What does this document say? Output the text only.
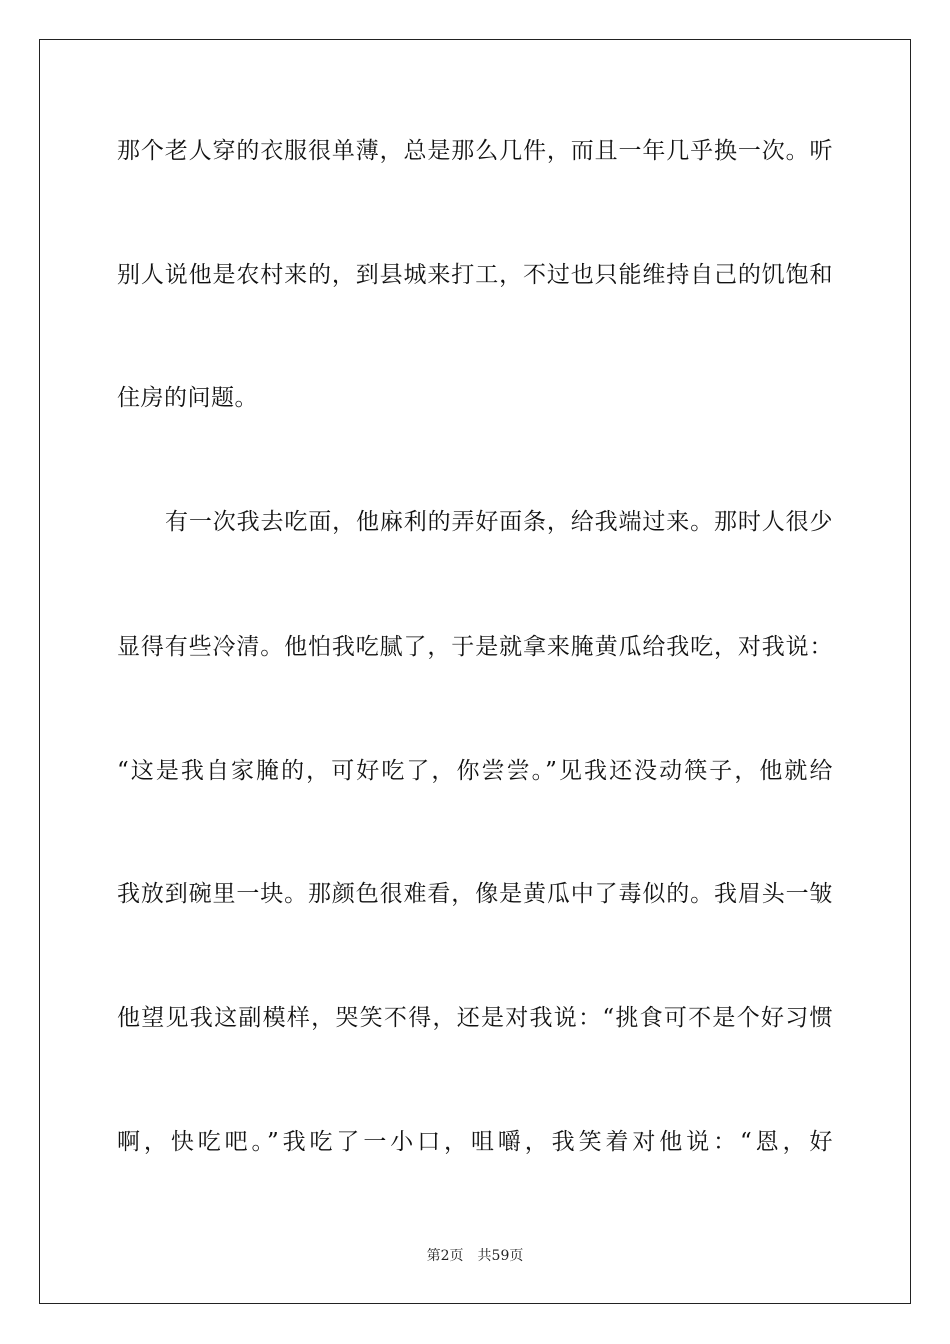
那个老人穿的衣服很单薄，总是那么几件，而且一年几乎换一次。听
别人说他是农村来的，到县城来打工，不过也只能维持自己的饥饱和
住房的问题。
有一次我去吃面，他麻利的弄好面条，给我端过来。那时人很少
显得有些冷清。他怕我吃腻了，于是就拿来腌黄瓜给我吃，对我说：
“这是我自家腌的，可好吃了，你尝尝。”见我还没动筷子，他就给
我放到碗里一块。那颜色很难看，像是黄瓜中了毒似的。我眉头一皱
他望见我这副模样，哭笑不得，还是对我说：“挑食可不是个好习惯
啊，快吃吧。”我吃了一小口，咀嚼，我笑着对他说：“恩，好
第2页 共59页
